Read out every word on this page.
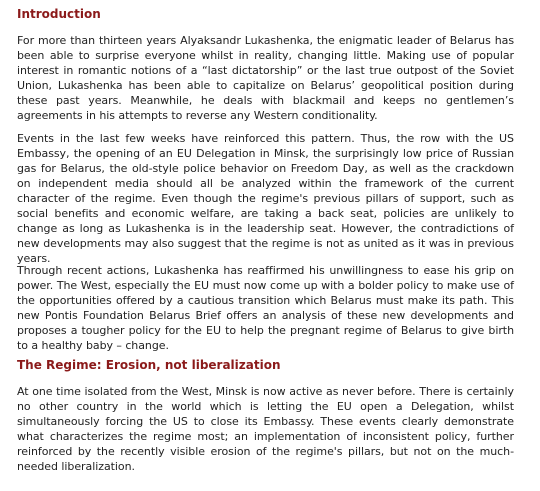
Introduction

For more than thirteen years Alyaksandr Lukashenka, the enigmatic leader of Belarus has been able to surprise everyone whilst in reality, changing little. Making use of popular interest in romantic notions of a “last dictatorship” or the last true outpost of the Soviet Union, Lukashenka has been able to capitalize on Belarus’ geopolitical position during these past years. Meanwhile, he deals with blackmail and keeps no gentlemen’s agreements in his attempts to reverse any Western conditionality.

Events in the last few weeks have reinforced this pattern. Thus, the row with the US Embassy, the opening of an EU Delegation in Minsk, the surprisingly low price of Russian gas for Belarus, the old-style police behavior on Freedom Day, as well as the crackdown on independent media should all be analyzed within the framework of the current character of the regime. Even though the regime's previous pillars of support, such as social benefits and economic welfare, are taking a back seat, policies are unlikely to change as long as Lukashenka is in the leadership seat. However, the contradictions of new developments may also suggest that the regime is not as united as it was in previous years.

Through recent actions, Lukashenka has reaffirmed his unwillingness to ease his grip on power. The West, especially the EU must now come up with a bolder policy to make use of the opportunities offered by a cautious transition which Belarus must make its path. This new Pontis Foundation Belarus Brief offers an analysis of these new developments and proposes a tougher policy for the EU to help the pregnant regime of Belarus to give birth to a healthy baby – change.

The Regime: Erosion, not liberalization

At one time isolated from the West, Minsk is now active as never before. There is certainly no other country in the world which is letting the EU open a Delegation, whilst simultaneously forcing the US to close its Embassy. These events clearly demonstrate what characterizes the regime most; an implementation of inconsistent policy, further reinforced by the recently visible erosion of the regime's pillars, but not on the much-needed liberalization.
